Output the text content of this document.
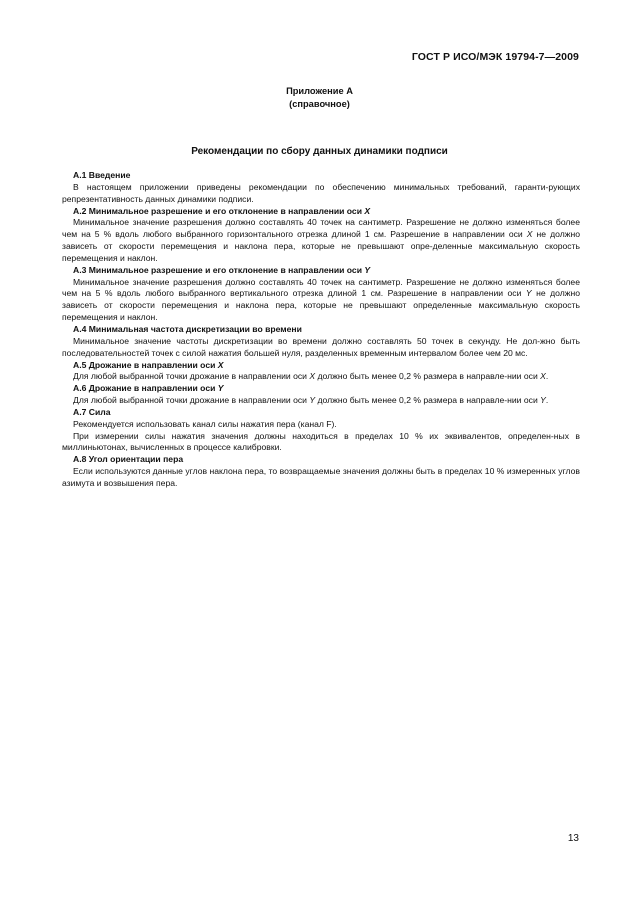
ГОСТ Р ИСО/МЭК 19794-7—2009
Приложение А
(справочное)
Рекомендации по сбору данных динамики подписи
А.1 Введение

В настоящем приложении приведены рекомендации по обеспечению минимальных требований, гаранти-рующих репрезентативность данных динамики подписи.

А.2 Минимальное разрешение и его отклонение в направлении оси X

Минимальное значение разрешения должно составлять 40 точек на сантиметр. Разрешение не должно изменяться более чем на 5 % вдоль любого выбранного горизонтального отрезка длиной 1 см. Разрешение в направлении оси X не должно зависеть от скорости перемещения и наклона пера, которые не превышают опре-деленные максимальную скорость перемещения и наклон.

А.3 Минимальное разрешение и его отклонение в направлении оси Y

Минимальное значение разрешения должно составлять 40 точек на сантиметр. Разрешение не должно изменяться более чем на 5 % вдоль любого выбранного вертикального отрезка длиной 1 см. Разрешение в направлении оси Y не должно зависеть от скорости перемещения и наклона пера, которые не превышают определенные максимальную скорость перемещения и наклон.

А.4 Минимальная частота дискретизации во времени

Минимальное значение частоты дискретизации во времени должно составлять 50 точек в секунду. Не дол-жно быть последовательностей точек с силой нажатия большей нуля, разделенных временным интервалом более чем 20 мс.

А.5 Дрожание в направлении оси X

Для любой выбранной точки дрожание в направлении оси X должно быть менее 0,2 % размера в направле-нии оси X.

А.6 Дрожание в направлении оси Y

Для любой выбранной точки дрожание в направлении оси Y должно быть менее 0,2 % размера в направле-нии оси Y.

А.7 Сила

Рекомендуется использовать канал силы нажатия пера (канал F).

При измерении силы нажатия значения должны находиться в пределах 10 % их эквивалентов, определен-ных в миллиньютонах, вычисленных в процессе калибровки.

А.8 Угол ориентации пера

Если используются данные углов наклона пера, то возвращаемые значения должны быть в пределах 10 % измеренных углов азимута и возвышения пера.

13
